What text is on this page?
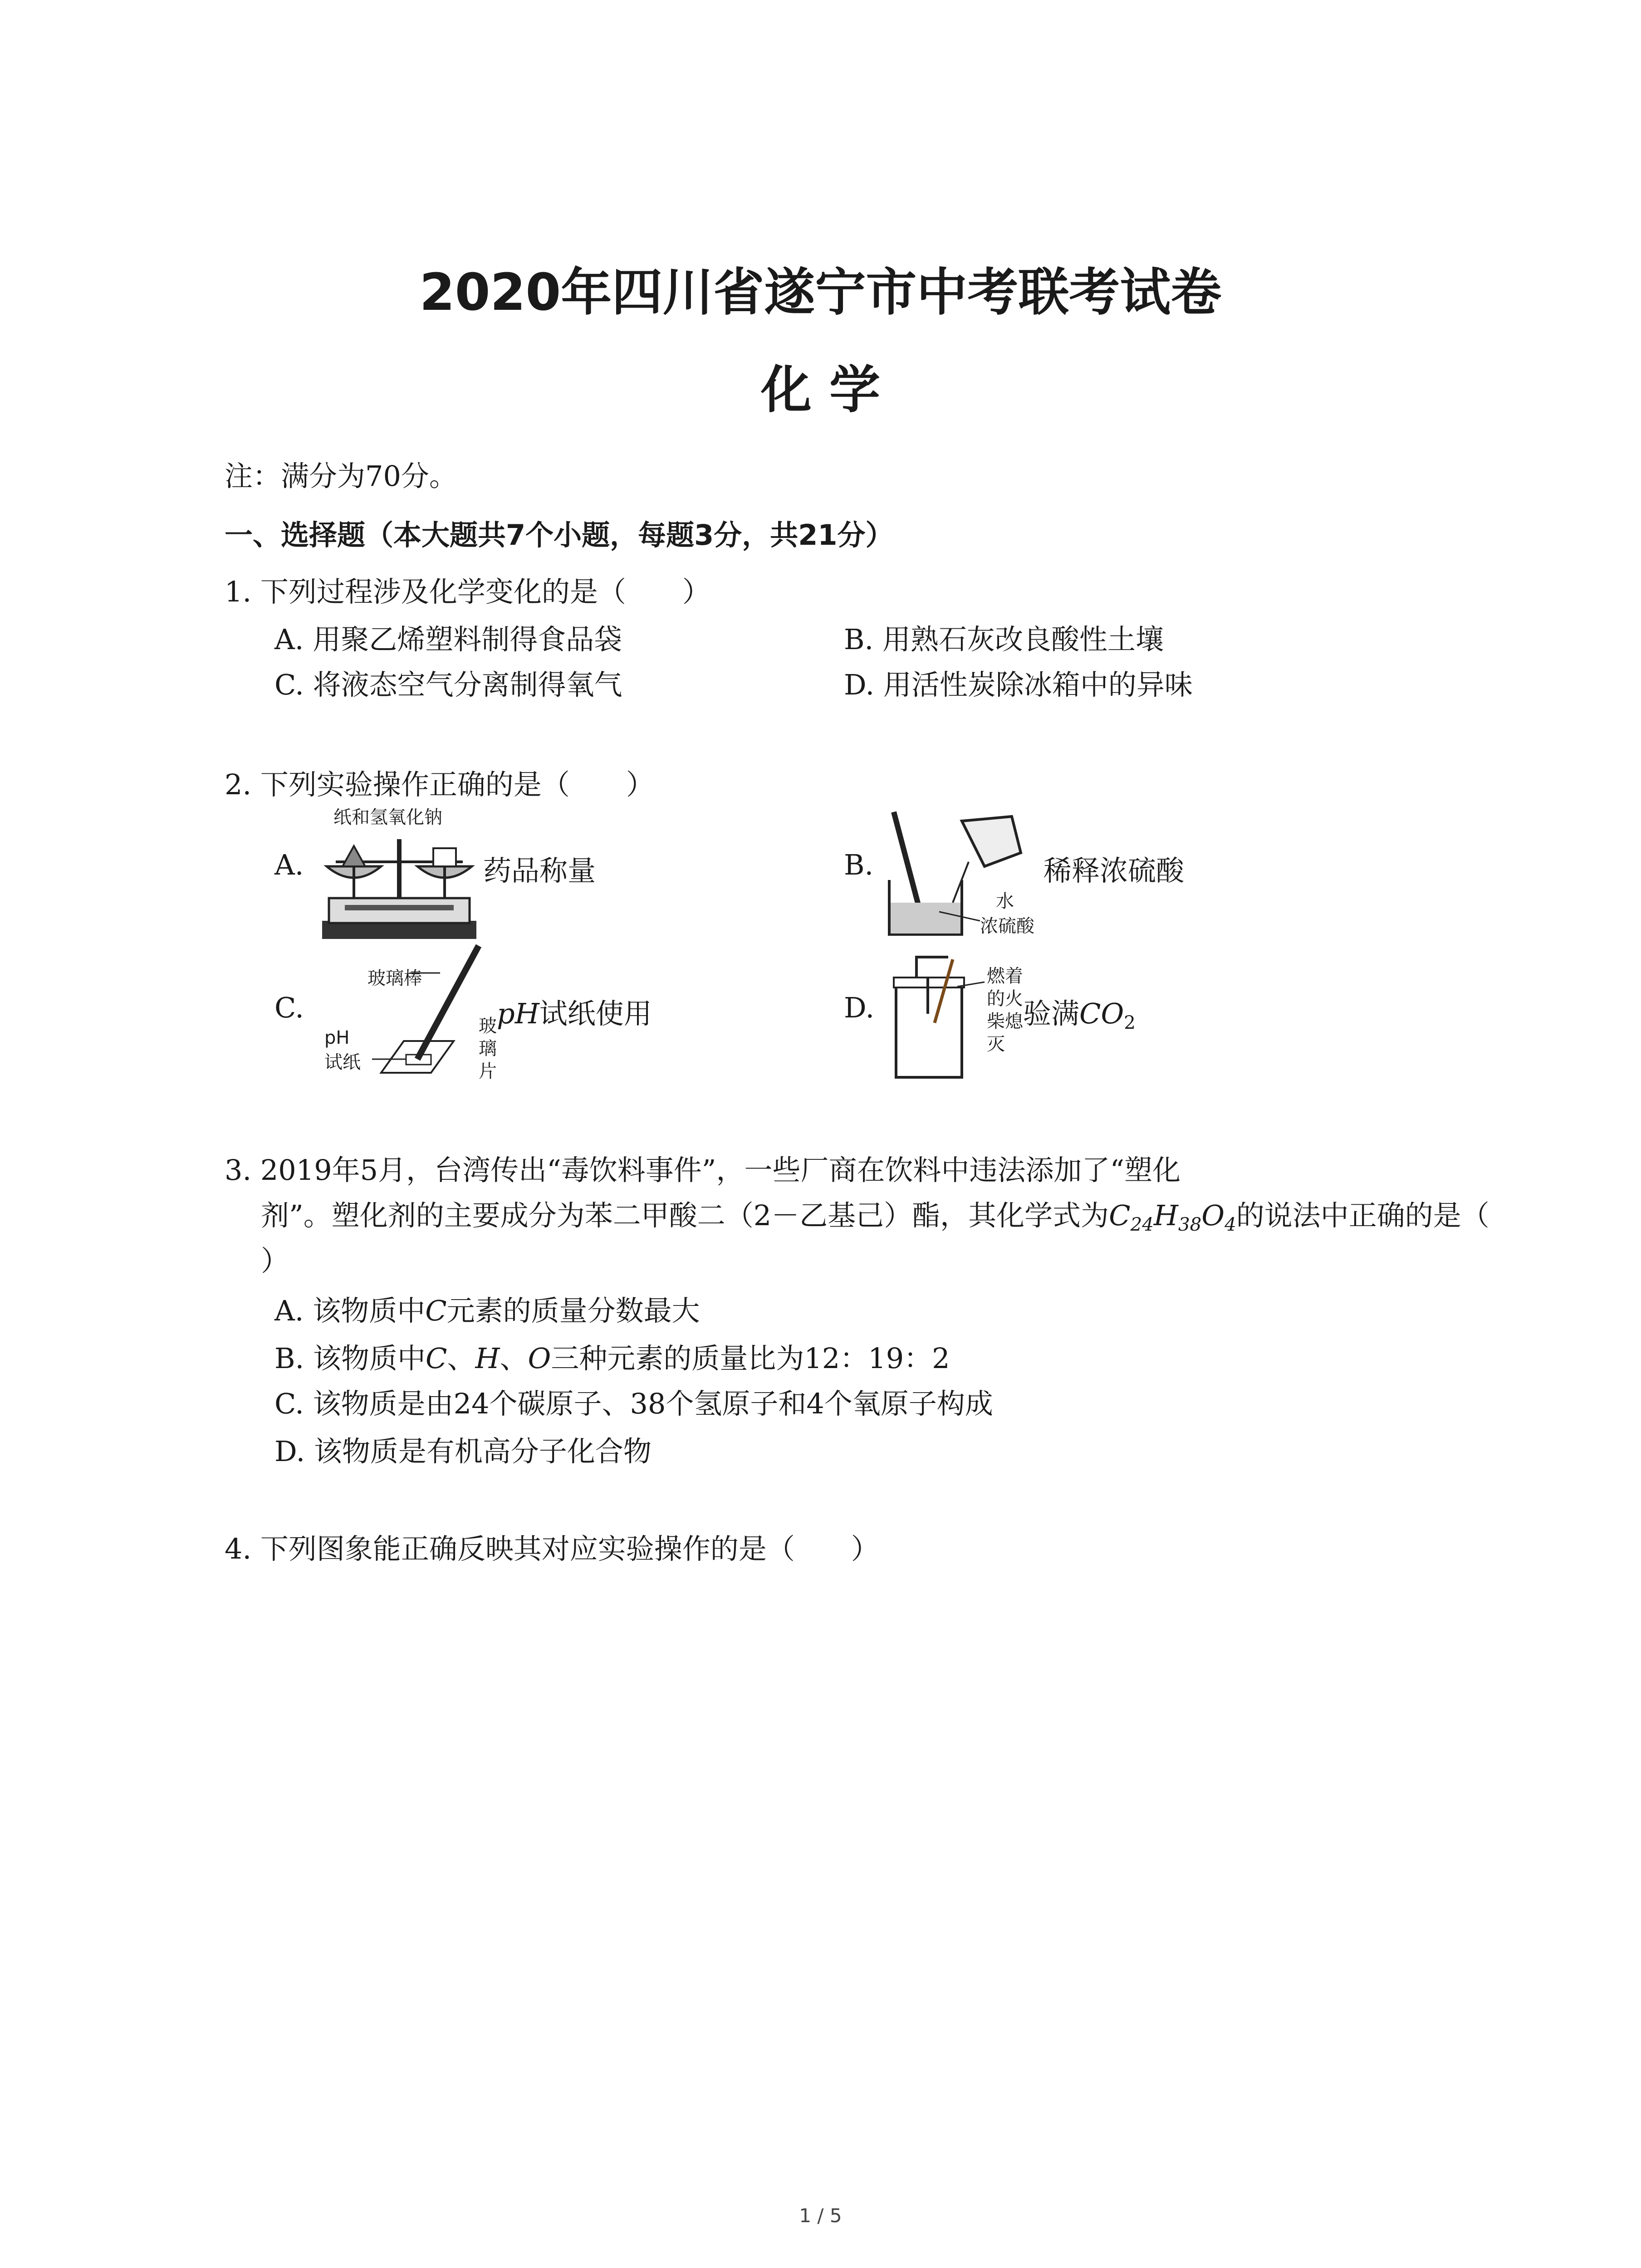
2020年四川省遂宁市中考联考试卷
化 学
注：满分为70分。
一、选择题（本大题共7个小题，每题3分，共21分）
1. 下列过程涉及化学变化的是（　　）
A. 用聚乙烯塑料制得食品袋	B. 用熟石灰改良酸性土壤
C. 将液态空气分离制得氧气	D. 用活性炭除冰箱中的异味
2. 下列实验操作正确的是（　　）
A.
纸和氢氧化钠
药品称量	B.
水
浓硫酸
稀释浓硫酸
C.
玻璃棒
pH
试纸
玻
璃
片
pH试纸使用	D.
燃着
的火
柴熄
灭
验满$CO_2$
3. 2019年5月，台湾传出“毒饮料事件”，一些厂商在饮料中违法添加了“塑化
剂”。塑化剂的主要成分为苯二甲酸二（2－乙基己）酯，其化学式为$C_{24}H_{38}O_4$的说法中正确的是（
）
A. 该物质中C元素的质量分数最大
B. 该物质中C、H、O三种元素的质量比为12：19：2
C. 该物质是由24个碳原子、38个氢原子和4个氧原子构成
D. 该物质是有机高分子化合物
4. 下列图象能正确反映其对应实验操作的是（　　）
1 / 5
